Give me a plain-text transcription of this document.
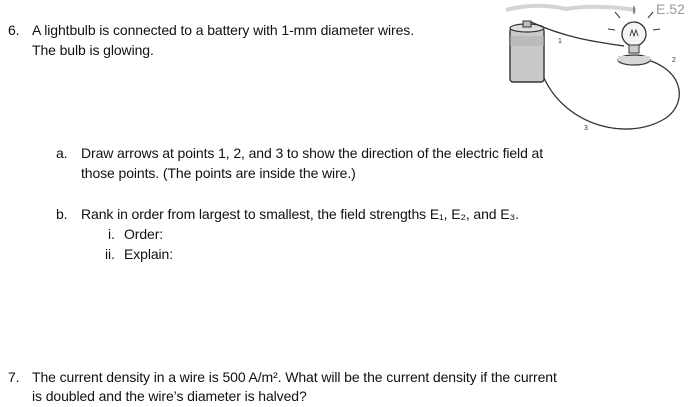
6. A lightbulb is connected to a battery with 1-mm diameter wires.
The bulb is glowing.
E.52
1
2
3
a. Draw arrows at points 1, 2, and 3 to show the direction of the electric field at
those points. (The points are inside the wire.)
b. Rank in order from largest to smallest, the field strengths E₁, E₂, and E₃.
i. Order:
ii. Explain:
7. The current density in a wire is 500 A/m². What will be the current density if the current
is doubled and the wire’s diameter is halved?
